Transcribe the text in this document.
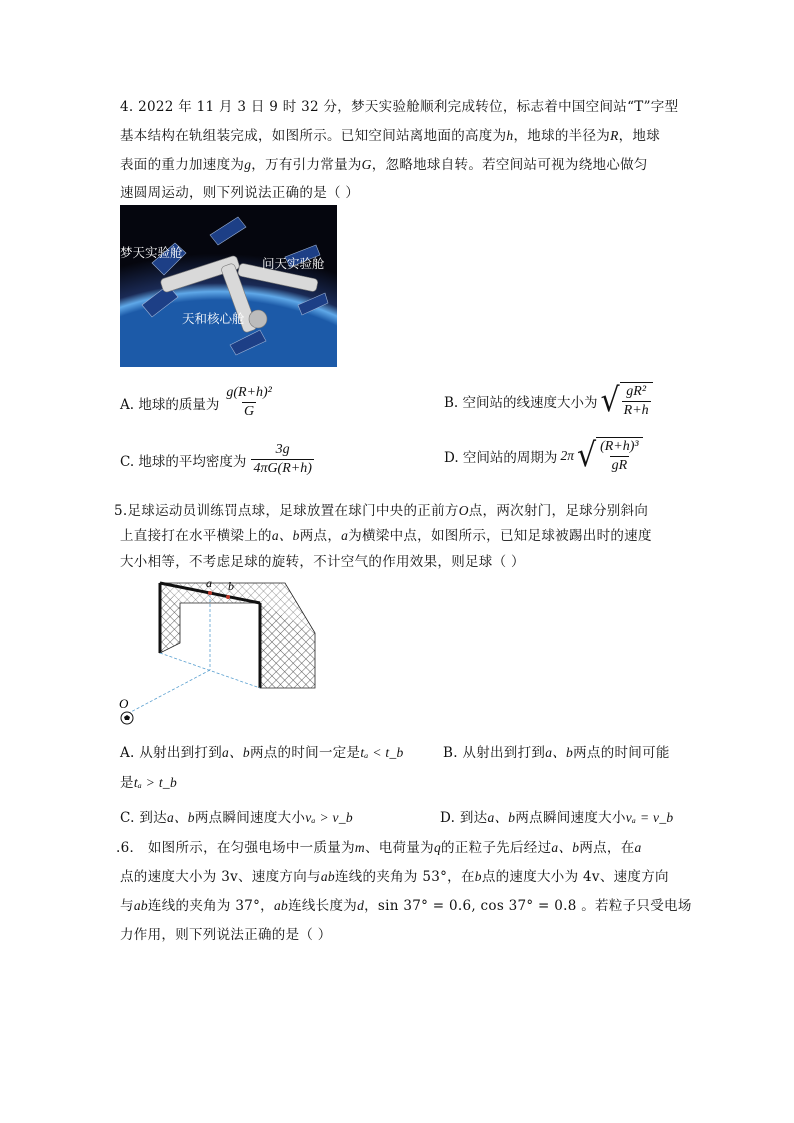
4. 2022 年 11 月 3 日 9 时 32 分，梦天实验舱顺利完成转位，标志着中国空间站“T”字型
基本结构在轨组装完成，如图所示。已知空间站离地面的高度为h，地球的半径为R，地球
表面的重力加速度为g，万有引力常量为G，忽略地球自转。若空间站可视为绕地心做匀
速圆周运动，则下列说法正确的是（ ）
梦天实验舱
问天实验舱
天和核心舱
A. 地球的质量为 $\frac{\text{g(R+h)²}}{G}$	B. 空间站的线速度大小为 √ $\frac{\text{gR²}}{R+h}$
C. 地球的平均密度为 $\frac{3g}{4\pi G(R+h)}$	D. 空间站的周期为 2π √ $\frac{\text{(R+h)³}}{gR}$
5.足球运动员训练罚点球，足球放置在球门中央的正前方O点，两次射门，足球分别斜向
上直接打在水平横梁上的a、b两点，a为横梁中点，如图所示，已知足球被踢出时的速度
大小相等，不考虑足球的旋转，不计空气的作用效果，则足球（ ）
a b
O
A. 从射出到打到a、b两点的时间一定是tₐ < t_b	B. 从射出到打到a、b两点的时间可能
是tₐ > t_b
C. 到达a、b两点瞬间速度大小vₐ > v_b	D. 到达a、b两点瞬间速度大小vₐ = v_b
.6． 如图所示，在匀强电场中一质量为m、电荷量为q的正粒子先后经过a、b两点，在a
点的速度大小为 3v、速度方向与ab连线的夹角为 53°，在b点的速度大小为 4v、速度方向
与ab连线的夹角为 37°，ab连线长度为d，sin 37° = 0.6, cos 37° = 0.8 。若粒子只受电场
力作用，则下列说法正确的是（ ）
